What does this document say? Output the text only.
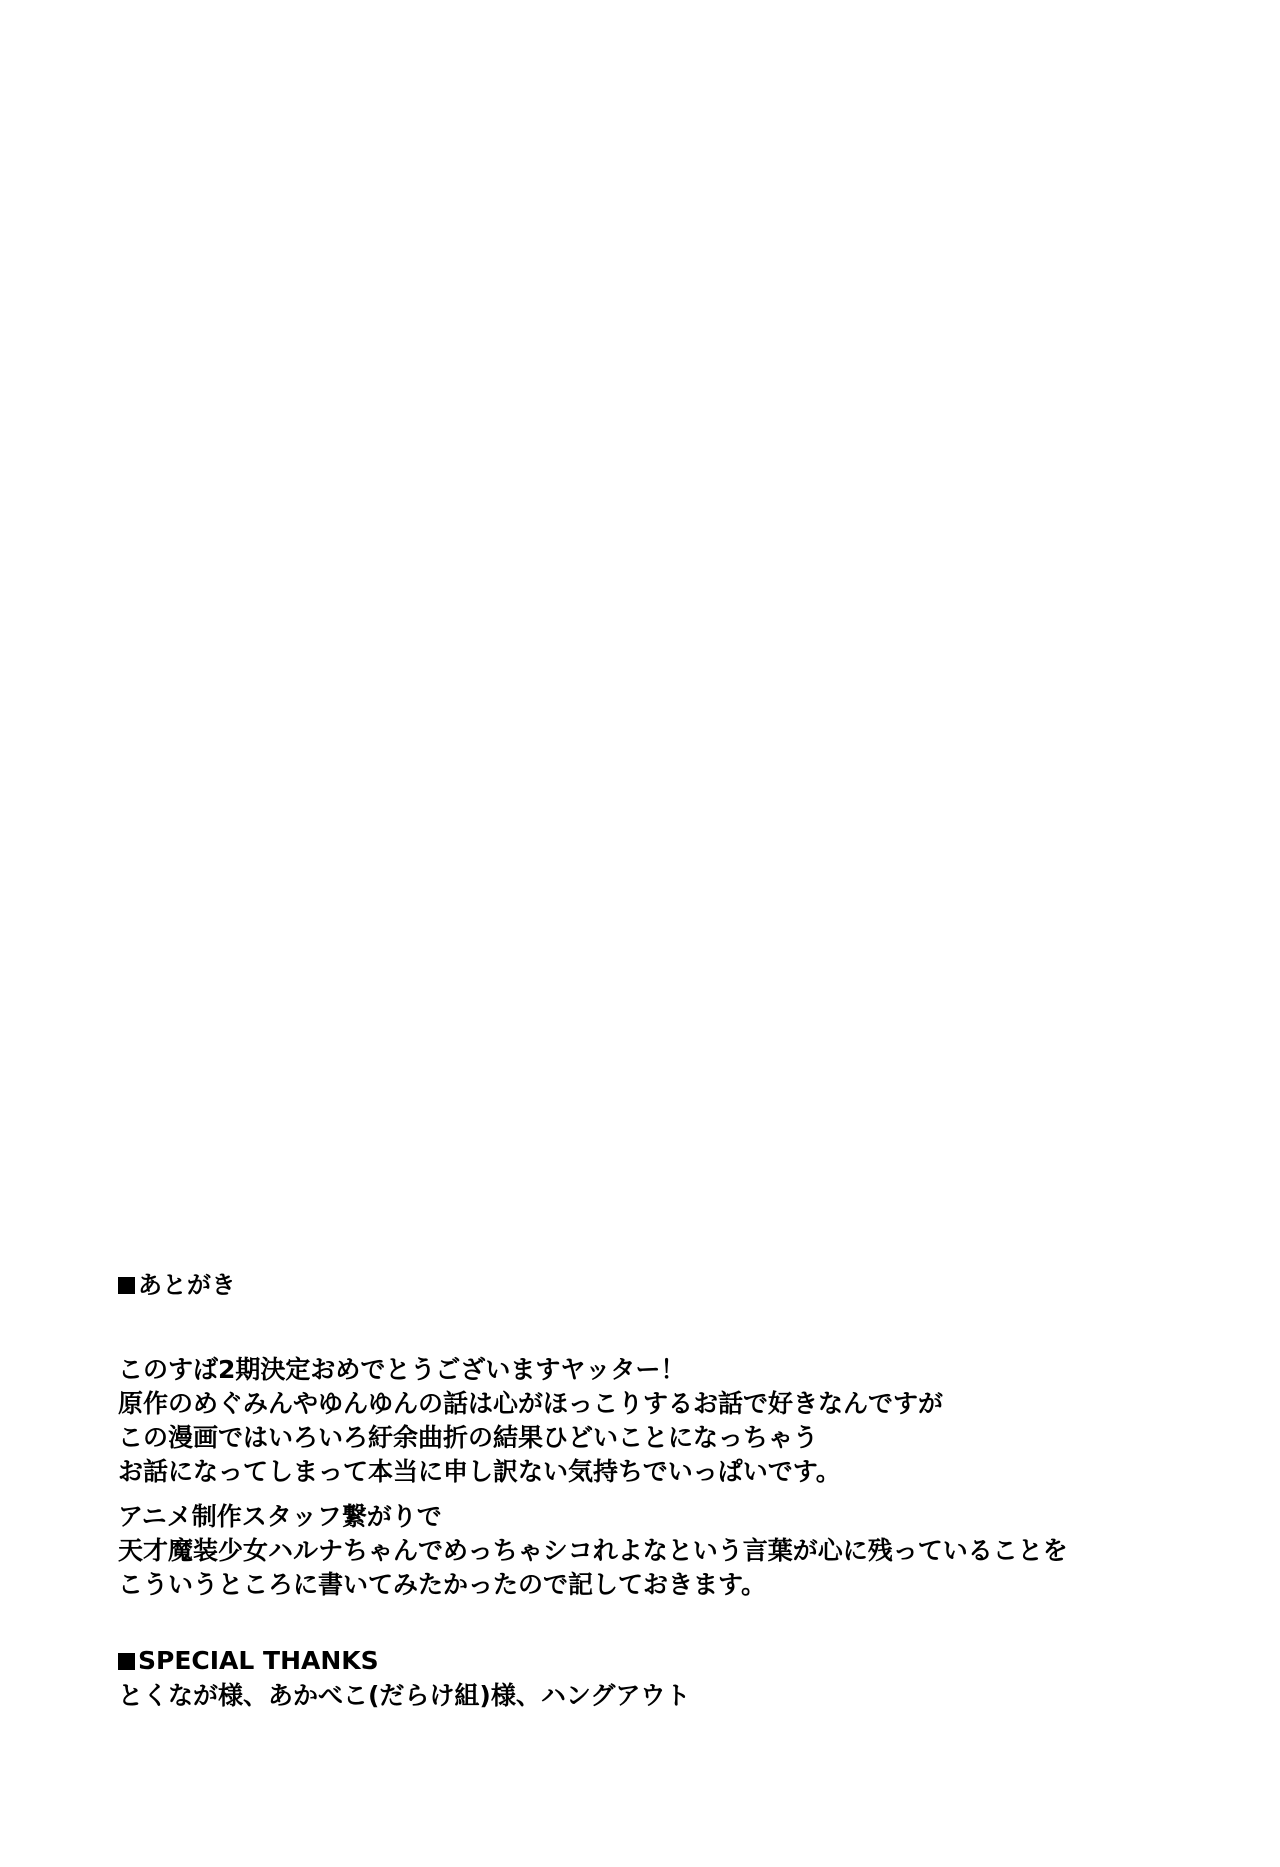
あとがき
このすば2期決定おめでとうございますヤッター！
原作のめぐみんやゆんゆんの話は心がほっこりするお話で好きなんですが
この漫画ではいろいろ紆余曲折の結果ひどいことになっちゃう
お話になってしまって本当に申し訳ない気持ちでいっぱいです。
アニメ制作スタッフ繋がりで
天才魔装少女ハルナちゃんでめっちゃシコれよなという言葉が心に残っていることを
こういうところに書いてみたかったので記しておきます。
SPECIAL THANKS
とくなが様、あかべこ(だらけ組)様、ハングアウト
